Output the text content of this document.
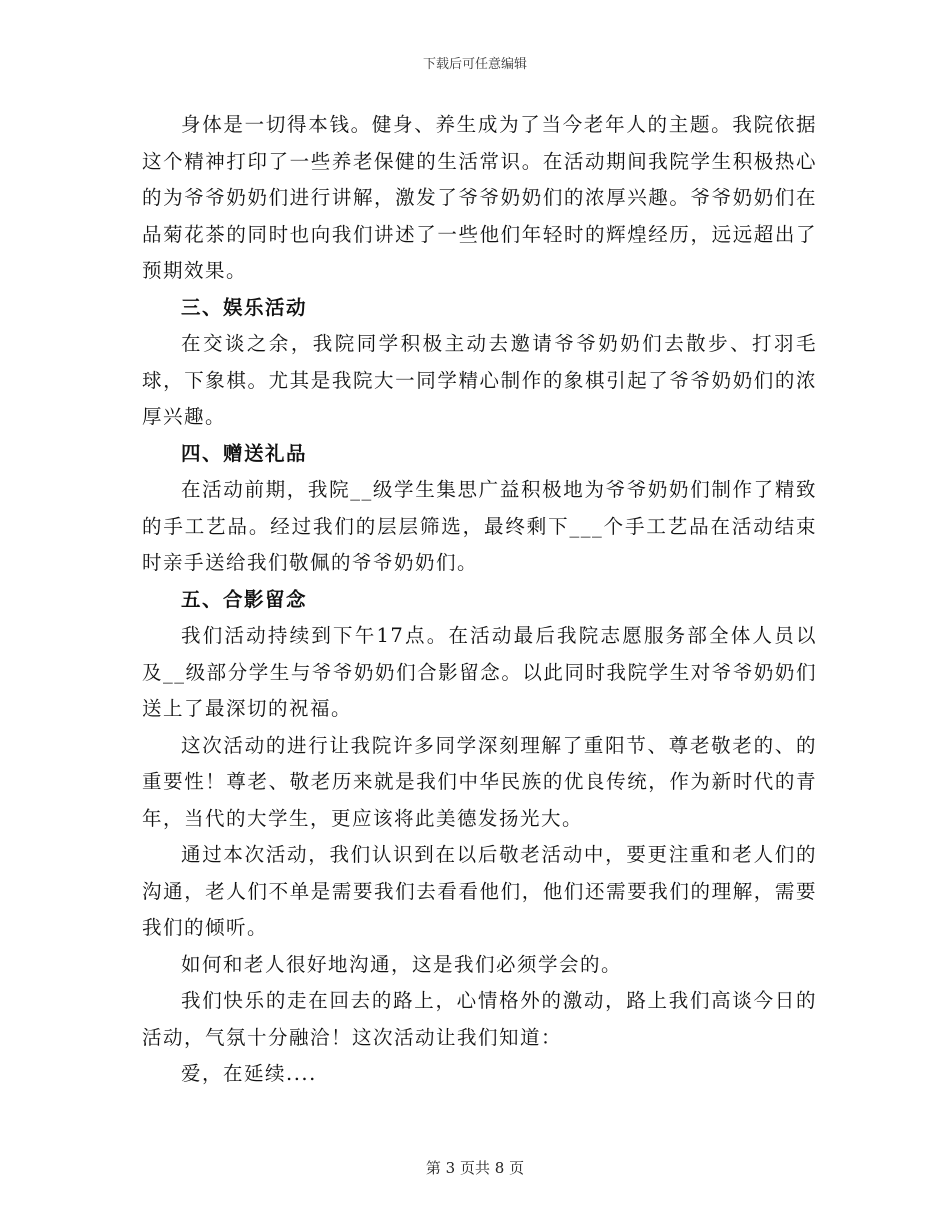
下载后可任意编辑

身体是一切得本钱。健身、养生成为了当今老年人的主题。我院依据这个精神打印了一些养老保健的生活常识。在活动期间我院学生积极热心的为爷爷奶奶们进行讲解，激发了爷爷奶奶们的浓厚兴趣。爷爷奶奶们在品菊花茶的同时也向我们讲述了一些他们年轻时的辉煌经历，远远超出了预期效果。

三、娱乐活动

在交谈之余，我院同学积极主动去邀请爷爷奶奶们去散步、打羽毛球，下象棋。尤其是我院大一同学精心制作的象棋引起了爷爷奶奶们的浓厚兴趣。

四、赠送礼品

在活动前期，我院__级学生集思广益积极地为爷爷奶奶们制作了精致的手工艺品。经过我们的层层筛选，最终剩下___个手工艺品在活动结束时亲手送给我们敬佩的爷爷奶奶们。

五、合影留念

我们活动持续到下午17点。在活动最后我院志愿服务部全体人员以及__级部分学生与爷爷奶奶们合影留念。以此同时我院学生对爷爷奶奶们送上了最深切的祝福。

这次活动的进行让我院许多同学深刻理解了重阳节、尊老敬老的、的重要性！尊老、敬老历来就是我们中华民族的优良传统，作为新时代的青年，当代的大学生，更应该将此美德发扬光大。

通过本次活动，我们认识到在以后敬老活动中，要更注重和老人们的沟通，老人们不单是需要我们去看看他们，他们还需要我们的理解，需要我们的倾听。

如何和老人很好地沟通，这是我们必须学会的。

我们快乐的走在回去的路上，心情格外的激动，路上我们高谈今日的活动，气氛十分融洽！这次活动让我们知道：

爱，在延续....

第 3 页共 8 页
